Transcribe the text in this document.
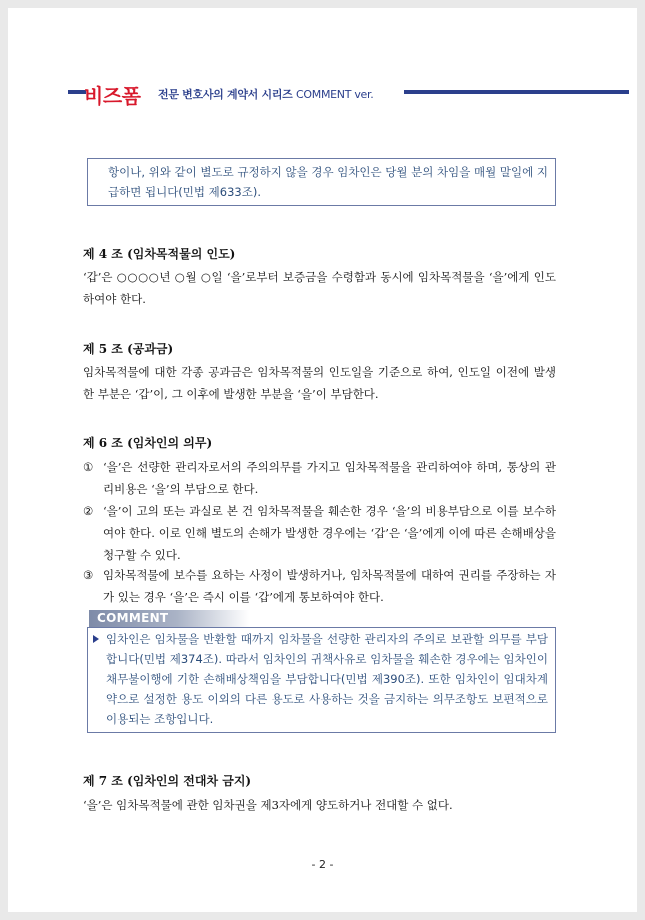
비즈폼 전문 변호사의 계약서 시리즈 COMMENT ver.
항이나, 위와 같이 별도로 규정하지 않을 경우 임차인은 당월 분의 차임을 매월 말일에 지급하면 됩니다(민법 제633조).
제 4 조 (임차목적물의 인도)
‘갑’은 ○○○○년 ○월 ○일 ‘을’로부터 보증금을 수령함과 동시에 임차목적물을 ‘을’에게 인도하여야 한다.
제 5 조 (공과금)
임차목적물에 대한 각종 공과금은 임차목적물의 인도일을 기준으로 하여, 인도일 이전에 발생한 부분은 ‘갑’이, 그 이후에 발생한 부분을 ‘을’이 부담한다.
제 6 조 (임차인의 의무)
① ‘을’은 선량한 관리자로서의 주의의무를 가지고 임차목적물을 관리하여야 하며, 통상의 관리비용은 ‘을’의 부담으로 한다.
② ‘을’이 고의 또는 과실로 본 건 임차목적물을 훼손한 경우 ‘을’의 비용부담으로 이를 보수하여야 한다. 이로 인해 별도의 손해가 발생한 경우에는 ‘갑’은 ‘을’에게 이에 따른 손해배상을 청구할 수 있다.
③ 임차목적물에 보수를 요하는 사정이 발생하거나, 임차목적물에 대하여 권리를 주장하는 자가 있는 경우 ‘을’은 즉시 이를 ‘갑’에게 통보하여야 한다.
COMMENT
임차인은 임차물을 반환할 때까지 임차물을 선량한 관리자의 주의로 보관할 의무를 부담합니다(민법 제374조). 따라서 임차인의 귀책사유로 임차물을 훼손한 경우에는 임차인이 채무불이행에 기한 손해배상책임을 부담합니다(민법 제390조). 또한 임차인이 임대차계약으로 설정한 용도 이외의 다른 용도로 사용하는 것을 금지하는 의무조항도 보편적으로 이용되는 조항입니다.
제 7 조 (임차인의 전대차 금지)
‘을’은 임차목적물에 관한 임차권을 제3자에게 양도하거나 전대할 수 없다.
- 2 -
